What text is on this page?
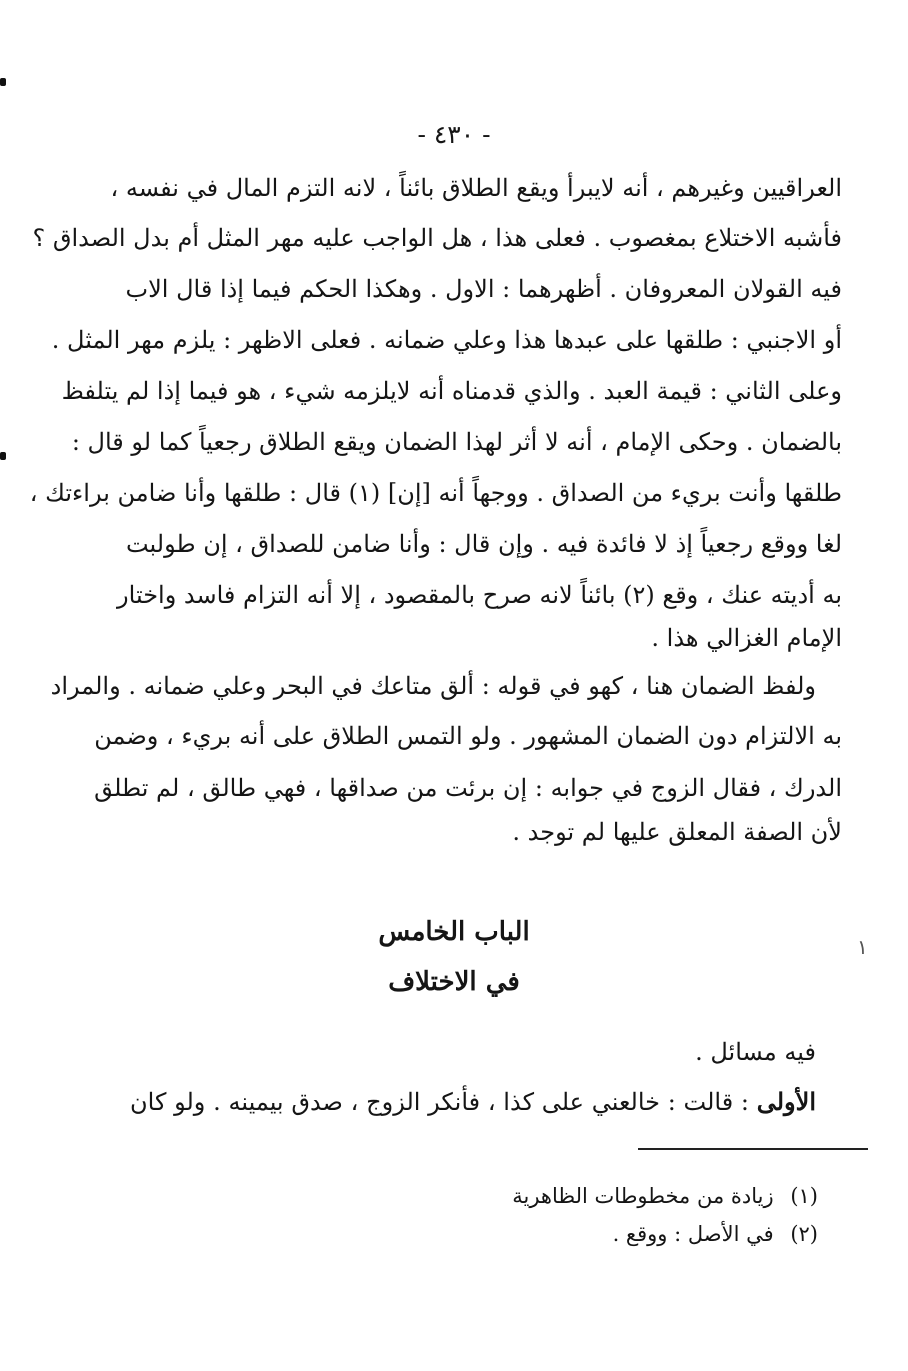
- ٤٣٠ -
العراقيين وغيرهم ، أنه لايبرأ ويقع الطلاق بائناً ، لانه التزم المال في نفسه ،
فأشبه الاختلاع بمغصوب . فعلى هذا ، هل الواجب عليه مهر المثل أم بدل الصداق ؟
فيه القولان المعروفان . أظهرهما : الاول . وهكذا الحكم فيما إذا قال الاب
أو الاجنبي : طلقها على عبدها هذا وعلي ضمانه . فعلى الاظهر : يلزم مهر المثل .
وعلى الثاني : قيمة العبد . والذي قدمناه أنه لايلزمه شيء ، هو فيما إذا لم يتلفظ
بالضمان . وحكى الإمام ، أنه لا أثر لهذا الضمان ويقع الطلاق رجعياً كما لو قال :
طلقها وأنت بريء من الصداق . ووجهاً أنه [إن] (١) قال : طلقها وأنا ضامن براءتك ،
لغا ووقع رجعياً إذ لا فائدة فيه . وإن قال : وأنا ضامن للصداق ، إن طولبت
به أديته عنك ، وقع (٢) بائناً لانه صرح بالمقصود ، إلا أنه التزام فاسد واختار
الإمام الغزالي هذا .
ولفظ الضمان هنا ، كهو في قوله : ألق متاعك في البحر وعلي ضمانه . والمراد
به الالتزام دون الضمان المشهور . ولو التمس الطلاق على أنه بريء ، وضمن
الدرك ، فقال الزوج في جوابه : إن برئت من صداقها ، فهي طالق ، لم تطلق
لأن الصفة المعلق عليها لم توجد .
الباب الخامس
في الاختلاف
١
فيه مسائل .
الأولى : قالت : خالعني على كذا ، فأنكر الزوج ، صدق بيمينه . ولو كان
(١) زيادة من مخطوطات الظاهرية
(٢) في الأصل : ووقع .
